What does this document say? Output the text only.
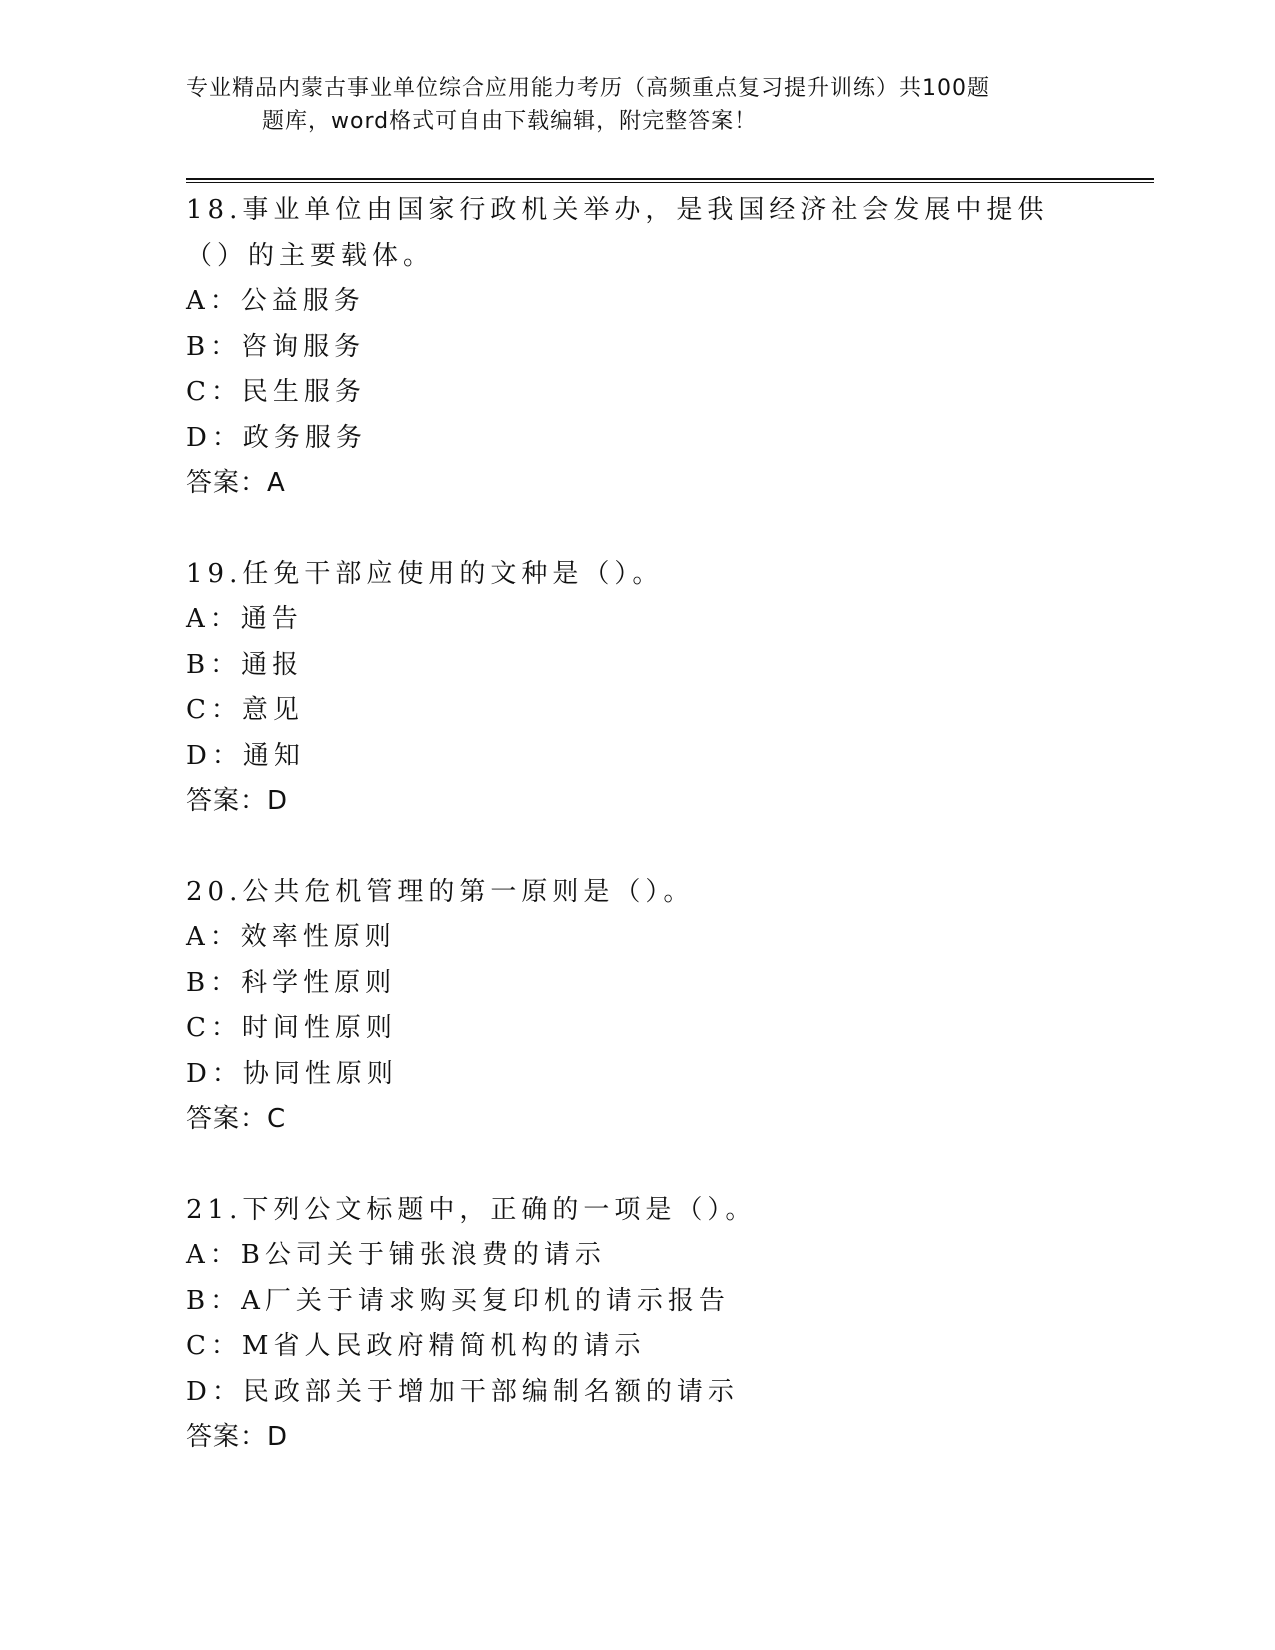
专业精品内蒙古事业单位综合应用能力考历（高频重点复习提升训练）共100题
题库，word格式可自由下载编辑，附完整答案！

18.事业单位由国家行政机关举办，是我国经济社会发展中提供（）的主要载体。

A：公益服务

B：咨询服务

C：民生服务

D：政务服务

答案：A

19.任免干部应使用的文种是（）。

A：通告

B：通报

C：意见

D：通知

答案：D

20.公共危机管理的第一原则是（）。

A：效率性原则

B：科学性原则

C：时间性原则

D：协同性原则

答案：C

21.下列公文标题中，正确的一项是（）。

A：B公司关于铺张浪费的请示

B：A厂关于请求购买复印机的请示报告

C：M省人民政府精简机构的请示

D：民政部关于增加干部编制名额的请示

答案：D
